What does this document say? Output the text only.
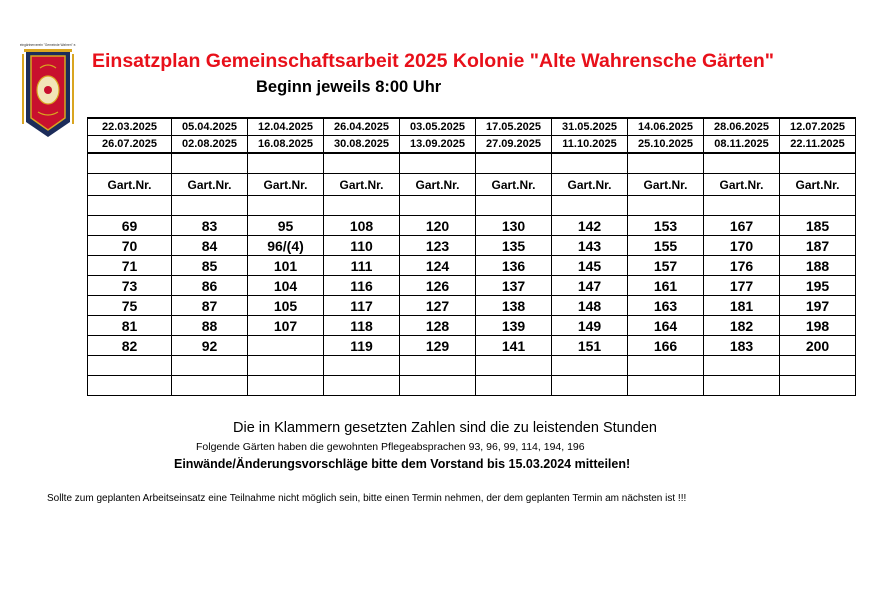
Kleingärtnerverein "Gemeinde Wahren" e.V.
Einsatzplan Gemeinschaftsarbeit 2025 Kolonie "Alte Wahrensche Gärten"
Beginn jeweils 8:00 Uhr
22.03.2025	05.04.2025	12.04.2025	26.04.2025	03.05.2025	17.05.2025	31.05.2025	14.06.2025	28.06.2025	12.07.2025
26.07.2025	02.08.2025	16.08.2025	30.08.2025	13.09.2025	27.09.2025	11.10.2025	25.10.2025	08.11.2025	22.11.2025

Gart.Nr.	Gart.Nr.	Gart.Nr.	Gart.Nr.	Gart.Nr.	Gart.Nr.	Gart.Nr.	Gart.Nr.	Gart.Nr.	Gart.Nr.

69	83	95	108	120	130	142	153	167	185
70	84	96/(4)	110	123	135	143	155	170	187
71	85	101	111	124	136	145	157	176	188
73	86	104	116	126	137	147	161	177	195
75	87	105	117	127	138	148	163	181	197
81	88	107	118	128	139	149	164	182	198
82	92		119	129	141	151	166	183	200

Die in Klammern gesetzten Zahlen sind die zu leistenden Stunden
Folgende Gärten haben die gewohnten Pflegeabsprachen 93, 96, 99, 114, 194, 196
Einwände/Änderungsvorschläge bitte dem Vorstand bis 15.03.2024 mitteilen!
Sollte zum geplanten Arbeitseinsatz eine Teilnahme nicht möglich sein, bitte einen Termin nehmen, der dem geplanten Termin am nächsten ist !!!
